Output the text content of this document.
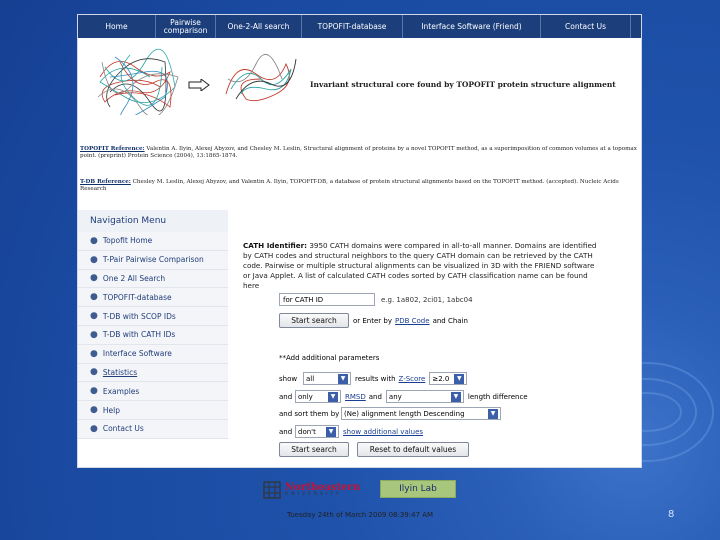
Home	Pairwise comparison	One-2-All search	TOPOFIT-database	Interface Software (Friend)	Contact Us
Invariant structural core found by TOPOFIT protein structure alignment
TOPOFIT Reference: Valentin A. Ilyin, Alexej Abyzov, and Chesley M. Leslin, Structural alignment of proteins by a novel TOPOFIT method, as a superimposition of common volumes at a topomax point. (preprint) Protein Science (2004), 13:1865-1874.
T-DB Reference: Chesley M. Leslin, Alexej Abyzov, and Valentin A. Ilyin, TOPOFIT-DB, a database of protein structural alignments based on the TOPOFIT method. (accepted). Nucleic Acids Research
Navigation Menu
● Topofit Home
● T-Pair Pairwise Comparison
● One 2 All Search
● TOPOFIT-database
● T-DB with SCOP IDs
● T-DB with CATH IDs
● Interface Software
● Statistics
● Examples
● Help
● Contact Us
CATH Identifier: 3950 CATH domains were compared in all-to-all manner. Domains are identified by CATH codes and structural neighbors to the query CATH domain can be retrieved by the CATH code. Pairwise or multiple structural alignments can be visualized in 3D with the FRIEND software or Java Applet. A list of calculated CATH codes sorted by CATH classification name can be found here
for CATH ID	e.g. 1a802, 2ci01, 1abc04
Start search	or Enter by PDB Code and Chain
**Add additional parameters
show	all	▼	results with Z-Score ≥2.0	▼
and only	▼	RMSD and any	▼	length difference
and sort them by (Ne) alignment length Descending	▼
and don't	▼	show additional values
Start search	Reset to default values
Northeastern
UNIVERSITY
Ilyin Lab
Tuesday 24th of March 2009 08:39:47 AM	8
